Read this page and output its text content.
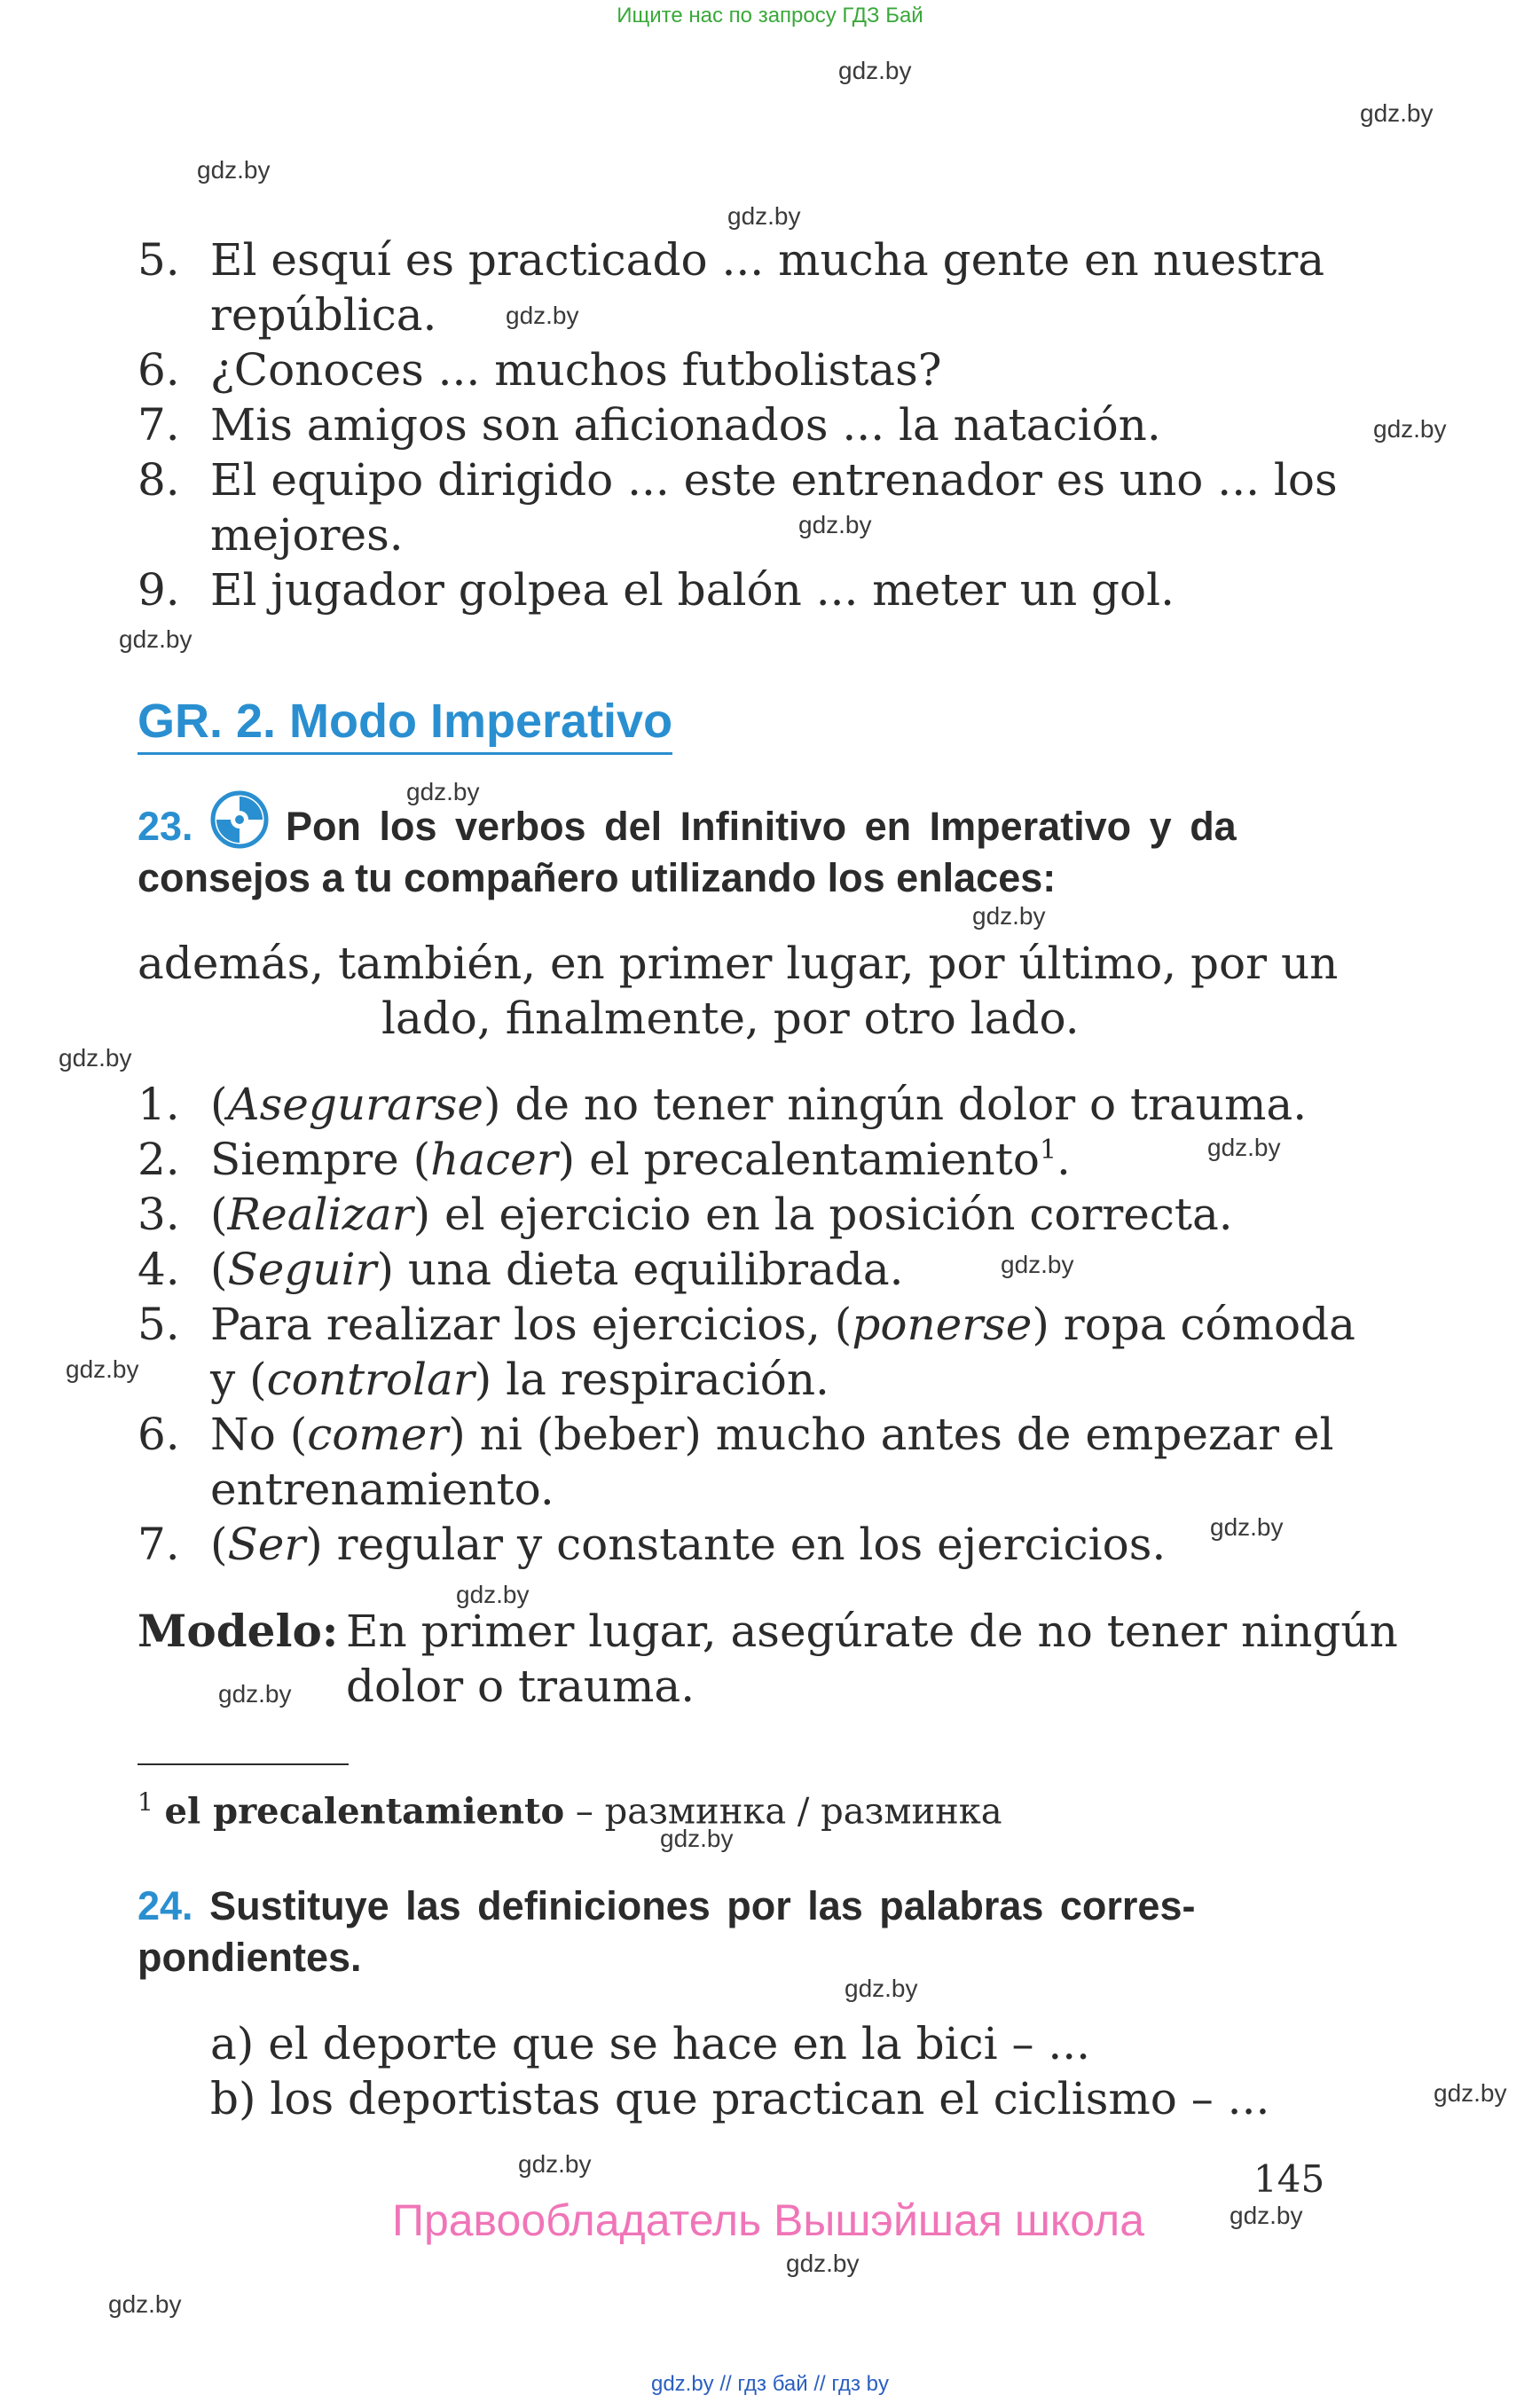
Ищите нас по запросу ГДЗ Бай
gdz.by
gdz.by
gdz.by
gdz.by
gdz.by
gdz.by
gdz.by
gdz.by
gdz.by
gdz.by
gdz.by
gdz.by
gdz.by
gdz.by
gdz.by
gdz.by
gdz.by
gdz.by
gdz.by
gdz.by
gdz.by
gdz.by
gdz.by
gdz.by
5. El esquí es practicado ... mucha gente en nuestra
república.
6. ¿Conoces ... muchos futbolistas?
7. Mis amigos son aficionados ... la natación.
8. El equipo dirigido ... este entrenador es uno ... los
mejores.
9. El jugador golpea el balón ... meter un gol.
GR. 2. Modo Imperativo
23. Pon los verbos del Infinitivo en Imperativo y da
consejos a tu compañero utilizando los enlaces:
además, también, en primer lugar, por último, por un
lado, finalmente, por otro lado.
1. (Asegurarse) de no tener ningún dolor o trauma.
2. Siempre (hacer) el precalentamiento$^1$.
3. (Realizar) el ejercicio en la posición correcta.
4. (Seguir) una dieta equilibrada.
5. Para realizar los ejercicios, (ponerse) ropa cómoda
y (controlar) la respiración.
6. No (comer) ni (beber) mucho antes de empezar el
entrenamiento.
7. (Ser) regular y constante en los ejercicios.
Modelo: En primer lugar, asegúrate de no tener ningún
dolor o trauma.
$^1$ el precalentamiento – разминка / разминка
24. Sustituye las definiciones por las palabras corres-
pondientes.
a) el deporte que se hace en la bici – ...
b) los deportistas que practican el ciclismo – ...
145
Правообладатель Вышэйшая школа
gdz.by // гдз бай // гдз by
